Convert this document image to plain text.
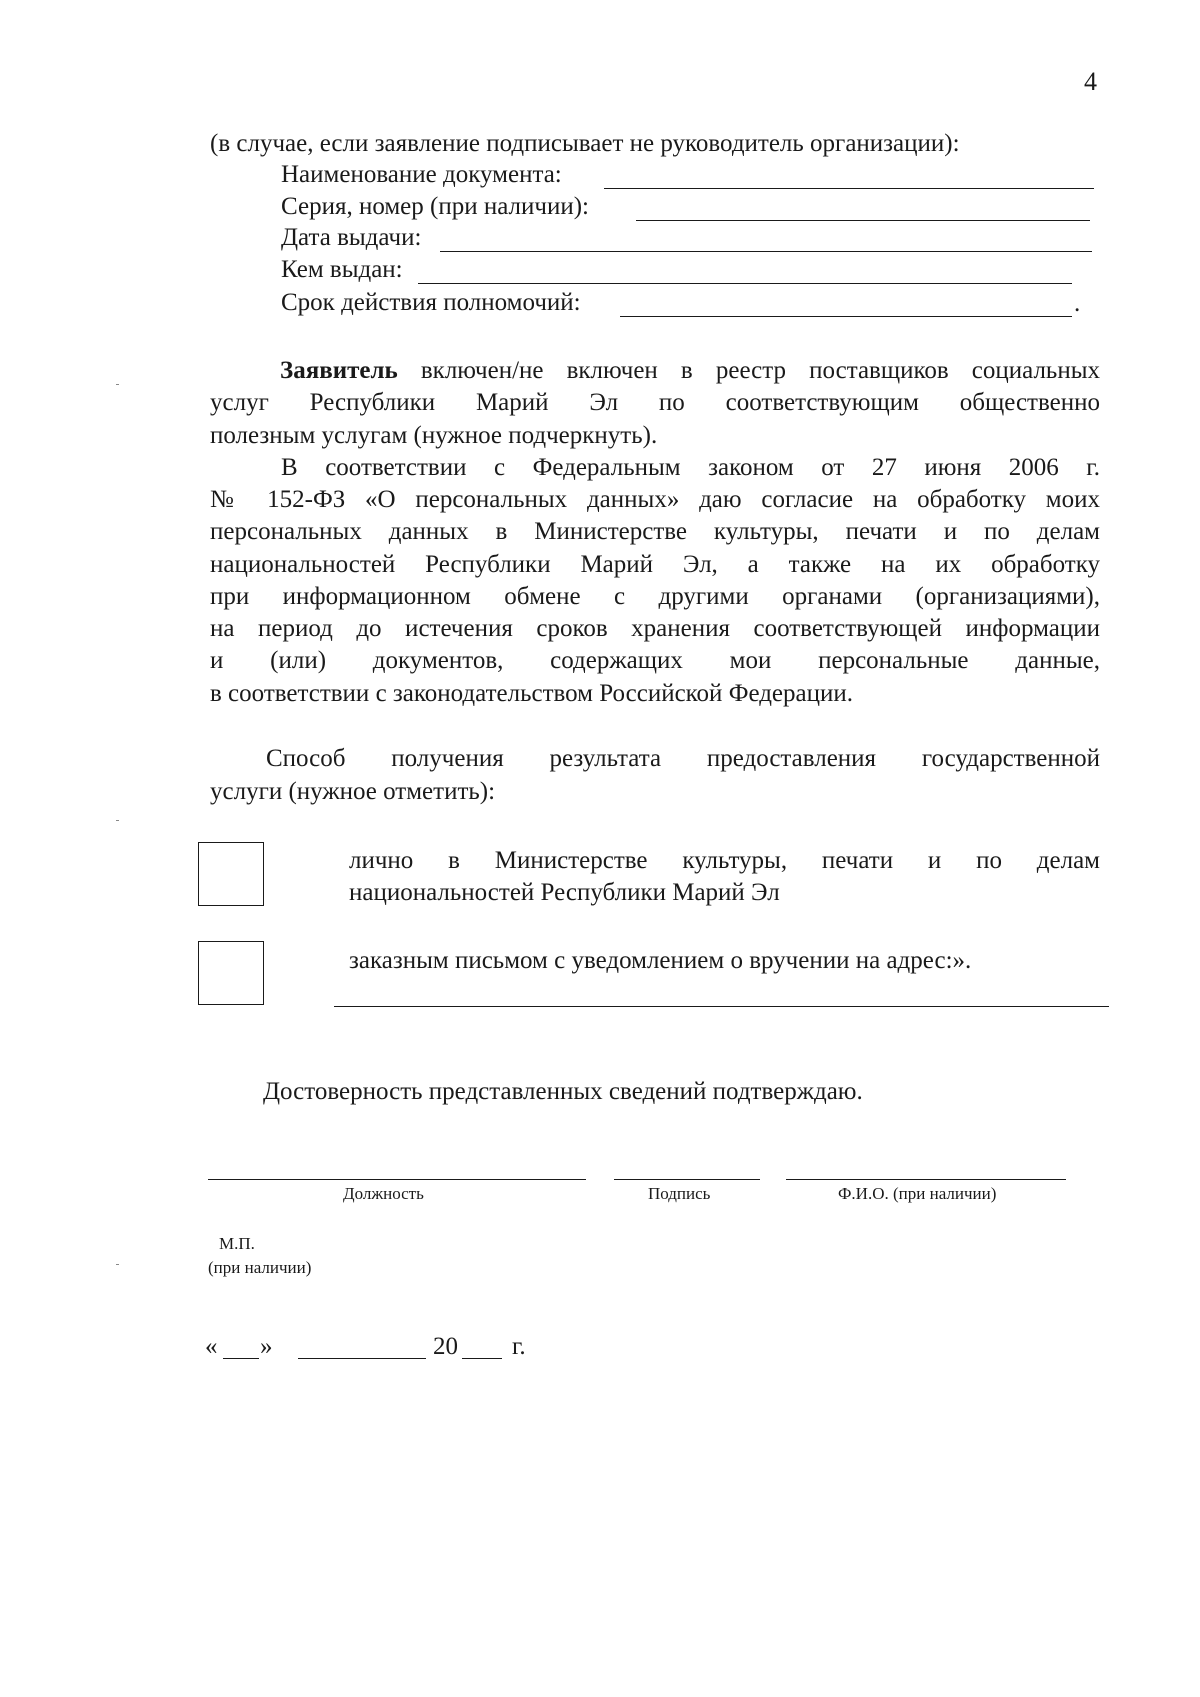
4
(в случае, если заявление подписывает не руководитель организации):
Наименование документа:
Серия, номер (при наличии):
Дата выдачи:
Кем выдан:
Срок действия полномочий:	.
Заявитель включен/не включен в реестр поставщиков социальных
услуг Республики Марий Эл по соответствующим общественно
полезным услугам (нужное подчеркнуть).
В соответствии с Федеральным законом от 27 июня 2006 г.
№ 152-ФЗ «О персональных данных» даю согласие на обработку моих
персональных данных в Министерстве культуры, печати и по делам
национальностей Республики Марий Эл, а также на их обработку
при информационном обмене с другими органами (организациями),
на период до истечения сроков хранения соответствующей информации
и (или) документов, содержащих мои персональные данные,
в соответствии с законодательством Российской Федерации.
Способ получения результата предоставления государственной
услуги (нужное отметить):
лично в Министерстве культуры, печати и по делам
национальностей Республики Марий Эл
заказным письмом с уведомлением о вручении на адрес:».
Достоверность представленных сведений подтверждаю.
Должность	Подпись	Ф.И.О. (при наличии)
М.П.
(при наличии)
« »	20 г.
